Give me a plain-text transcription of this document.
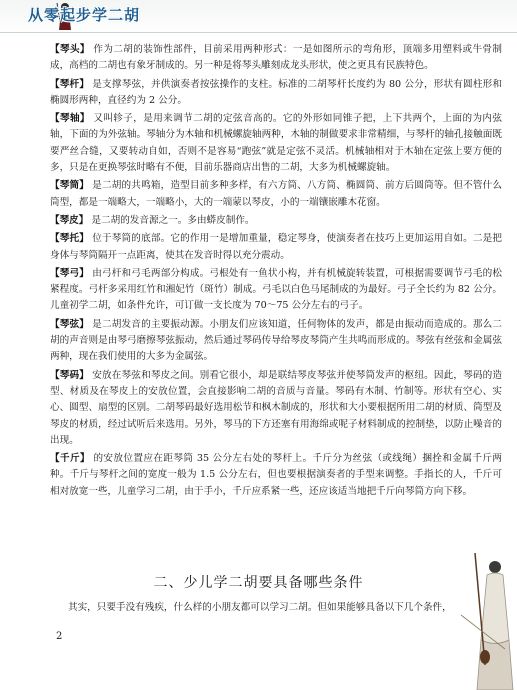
从零起步学二胡

【琴头】 作为二胡的装饰性部件，目前采用两种形式：一是如图所示的弯角形，顶端多用塑料或牛骨制成，高档的二胡也有象牙制成的。另一种是将琴头雕刻成龙头形状，使之更具有民族特色。

【琴杆】 是支撑琴弦，并供演奏者按弦操作的支柱。标准的二胡琴杆长度约为 80 公分，形状有圆柱形和椭圆形两种，直径约为 2 公分。

【琴轴】 又叫轸子，是用来调节二胡的定弦音高的。它的外形如同锥子把，上下共两个，上面的为内弦轴，下面的为外弦轴。琴轴分为木轴和机械螺旋轴两种，木轴的制做要求非常精细，与琴杆的轴孔接触面既要严丝合缝，又要转动自如，否则不是容易“跑弦”就是定弦不灵活。机械轴相对于木轴在定弦上要方便的多，只是在更换琴弦时略有不便，目前乐器商店出售的二胡，大多为机械螺旋轴。

【琴筒】 是二胡的共鸣箱，造型目前多种多样，有六方筒、八方筒、椭圆筒、前方后圆筒等。但不管什么筒型，都是一端略大，一端略小，大的一端蒙以琴皮，小的一端镶嵌雕木花窗。

【琴皮】 是二胡的发音源之一。多由蟒皮制作。

【琴托】 位于琴筒的底部。它的作用一是增加重量，稳定琴身，使演奏者在技巧上更加运用自如。二是把身体与琴筒隔开一点距离，使其在发音时得以充分震动。

【琴弓】 由弓杆和弓毛两部分构成。弓根处有一鱼状小构，并有机械旋转装置，可根据需要调节弓毛的松紧程度。弓杆多采用红竹和湘妃竹（斑竹）制成。弓毛以白色马尾制成的为最好。弓子全长约为 82 公分。儿童初学二胡，如条件允许，可订做一支长度为 70～75 公分左右的弓子。

【琴弦】 是二胡发音的主要振动源。小朋友们应该知道，任何物体的发声，都是由振动而造成的。那么二胡的声音则是由琴弓磨擦琴弦振动，然后通过琴码传导给琴皮琴筒产生共鸣而形成的。琴弦有丝弦和金属弦两种，现在我们使用的大多为金属弦。

【琴码】 安放在琴弦和琴皮之间。别看它很小，却是联结琴皮琴弦并使琴筒发声的枢纽。因此，琴码的造型、材质及在琴皮上的安放位置，会直接影响二胡的音质与音量。琴码有木制、竹制等。形状有空心、实心、圆型、扇型的区别。二胡琴码最好选用松节和枫木制成的，形状和大小要根据所用二胡的材质、筒型及琴皮的材质，经过试听后来选用。另外，琴马的下方还塞有用海绵或呢子材料制成的控制垫，以防止噪音的出现。

【千斤】 的安放位置应在距琴筒 35 公分左右处的琴杆上。千斤分为丝弦（或线绳）捆拴和金属千斤两种。千斤与琴杆之间的宽度一般为 1.5 公分左右，但也要根据演奏者的手型来调整。手指长的人，千斤可相对放宽一些，儿童学习二胡，由于手小，千斤应系紧一些，还应该适当地把千斤向琴筒方向下移。

二、少儿学二胡要具备哪些条件
其实，只要手没有残疾，什么样的小朋友都可以学习二胡。但如果能够具备以下几个条件，
2
